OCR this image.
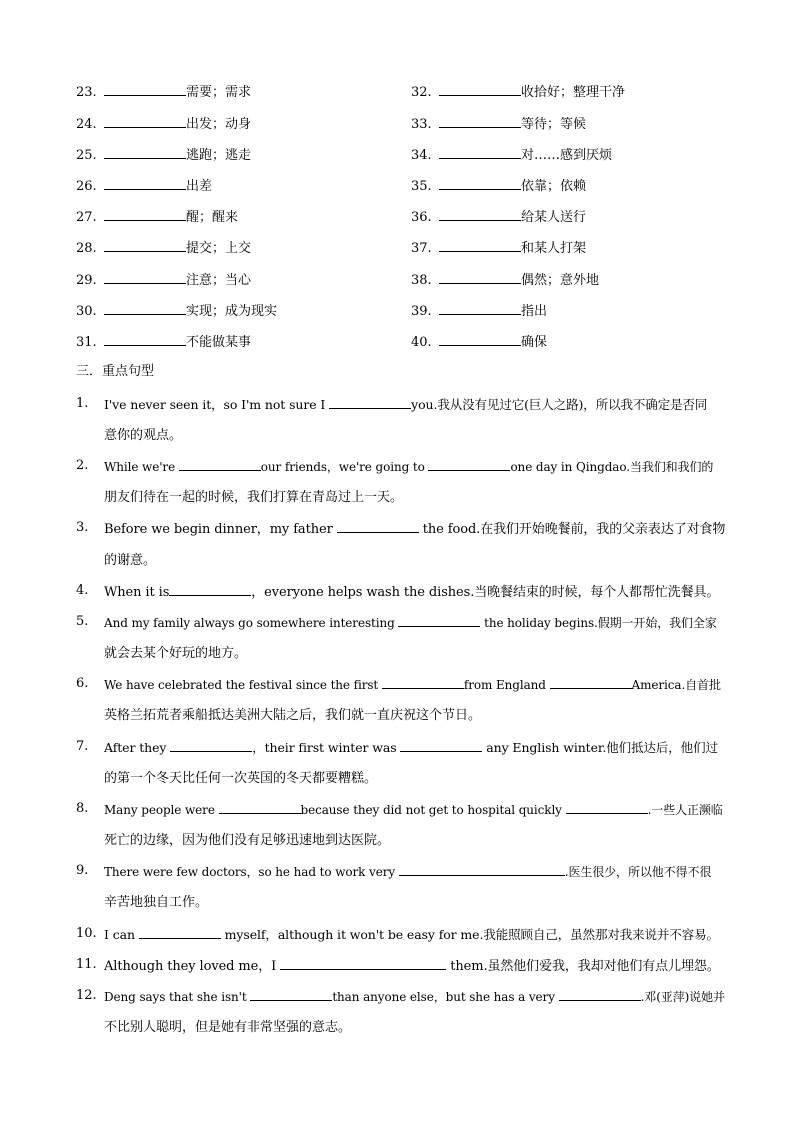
23.	需要；需求
24.	出发；动身
25.	逃跑；逃走
26.	出差
27.	醒；醒来
28.	提交；上交
29.	注意；当心
30.	实现；成为现实
31.	不能做某事
32.	收拾好；整理干净
33.	等待；等候
34.	对……感到厌烦
35.	依靠；依赖
36.	给某人送行
37.	和某人打架
38.	偶然；意外地
39.	指出
40.	确保
三．重点句型
1. I've never seen it，so I'm not sure I	you.我从没有见过它(巨人之路)，所以我不确定是否同
意你的观点。
2. While we're	our friends，we're going to	one day in Qingdao.当我们和我们的
朋友们待在一起的时候，我们打算在青岛过上一天。
3. Before we begin dinner，my father	the food.在我们开始晚餐前，我的父亲表达了对食物
的谢意。
4. When it is	，everyone helps wash the dishes.当晚餐结束的时候，每个人都帮忙洗餐具。
5. And my family always go somewhere interesting	the holiday begins.假期一开始，我们全家
就会去某个好玩的地方。
6. We have celebrated the festival since the first	from England	America.自首批
英格兰拓荒者乘船抵达美洲大陆之后，我们就一直庆祝这个节日。
7. After they	，their first winter was	any English winter.他们抵达后，他们过
的第一个冬天比任何一次英国的冬天都要糟糕。
8. Many people were	because they did not get to hospital quickly	.一些人正濒临
死亡的边缘，因为他们没有足够迅速地到达医院。
9. There were few doctors，so he had to work very	.医生很少，所以他不得不很
辛苦地独自工作。
10. I can	myself，although it won't be easy for me.我能照顾自己，虽然那对我来说并不容易。
11. Although they loved me，I	them.虽然他们爱我，我却对他们有点儿埋怨。
12. Deng says that she isn't	than anyone else，but she has a very	.邓(亚萍)说她并
不比别人聪明，但是她有非常坚强的意志。
